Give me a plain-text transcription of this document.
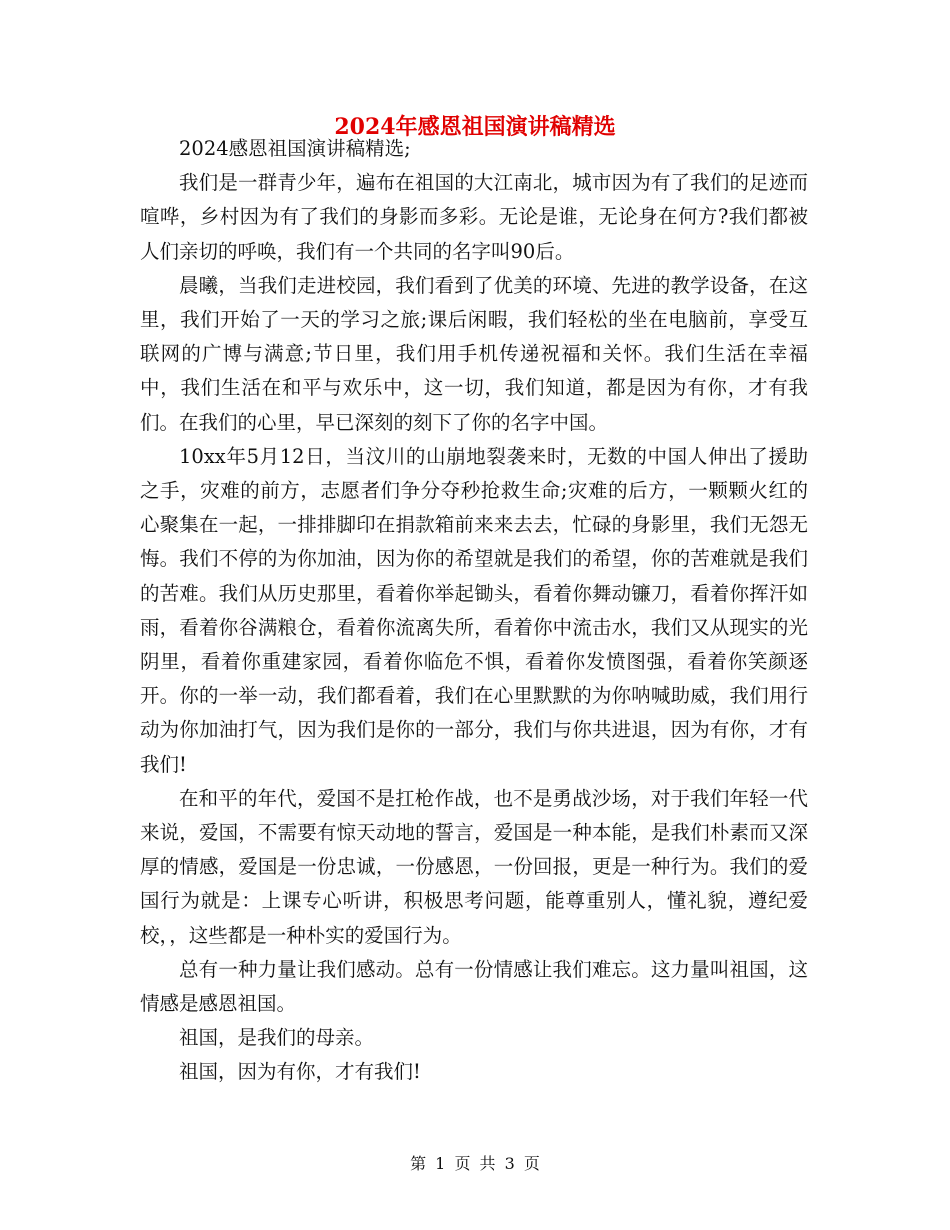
2024年感恩祖国演讲稿精选

2024感恩祖国演讲稿精选;

我们是一群青少年，遍布在祖国的大江南北，城市因为有了我们的足迹而喧哗，乡村因为有了我们的身影而多彩。无论是谁，无论身在何方?我们都被人们亲切的呼唤，我们有一个共同的名字叫90后。

晨曦，当我们走进校园，我们看到了优美的环境、先进的教学设备，在这里，我们开始了一天的学习之旅;课后闲暇，我们轻松的坐在电脑前，享受互联网的广博与满意;节日里，我们用手机传递祝福和关怀。我们生活在幸福中，我们生活在和平与欢乐中，这一切，我们知道，都是因为有你，才有我们。在我们的心里，早已深刻的刻下了你的名字中国。

10xx年5月12日，当汶川的山崩地裂袭来时，无数的中国人伸出了援助之手，灾难的前方，志愿者们争分夺秒抢救生命;灾难的后方，一颗颗火红的心聚集在一起，一排排脚印在捐款箱前来来去去，忙碌的身影里，我们无怨无悔。我们不停的为你加油，因为你的希望就是我们的希望，你的苦难就是我们的苦难。我们从历史那里，看着你举起锄头，看着你舞动镰刀，看着你挥汗如雨，看着你谷满粮仓，看着你流离失所，看着你中流击水，我们又从现实的光阴里，看着你重建家园，看着你临危不惧，看着你发愤图强，看着你笑颜逐开。你的一举一动，我们都看着，我们在心里默默的为你呐喊助威，我们用行动为你加油打气，因为我们是你的一部分，我们与你共进退，因为有你，才有我们!

在和平的年代，爱国不是扛枪作战，也不是勇战沙场，对于我们年轻一代来说，爱国，不需要有惊天动地的誓言，爱国是一种本能，是我们朴素而又深厚的情感，爱国是一份忠诚，一份感恩，一份回报，更是一种行为。我们的爱国行为就是：上课专心听讲，积极思考问题，能尊重别人，懂礼貌，遵纪爱校，，这些都是一种朴实的爱国行为。

总有一种力量让我们感动。总有一份情感让我们难忘。这力量叫祖国，这情感是感恩祖国。

祖国，是我们的母亲。

祖国，因为有你，才有我们!

第 1 页 共 3 页
